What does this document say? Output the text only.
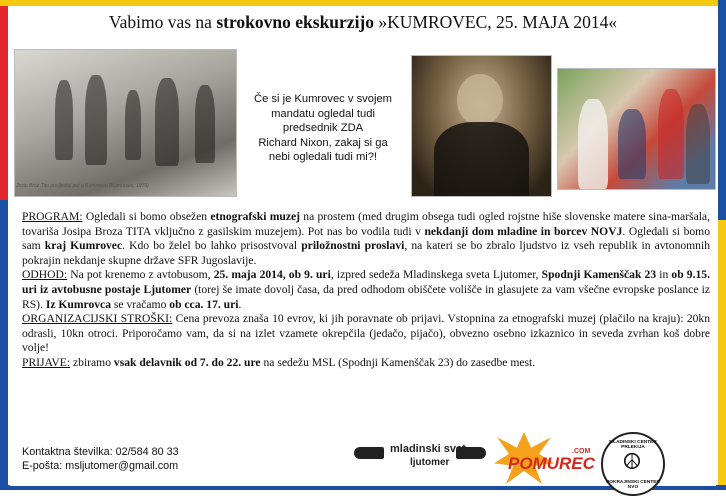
Vabimo vas na strokovno ekskurzijo »KUMROVEC, 25. MAJA 2014«
Josip Broz Tito posljednji put u Kumrovcu (Kumrovec, 1979)
Če si je Kumrovec v svojem
mandatu ogledal tudi
predsednik ZDA
Richard Nixon, zakaj si ga
nebi ogledali tudi mi?!

PROGRAM: Ogledali si bomo obsežen etnografski muzej na prostem (med drugim obsega tudi ogled rojstne hiše slovenske matere sina-maršala, tovariša Josipa Broza TITA vključno z gasilskim muzejem). Pot nas bo vodila tudi v nekdanji dom mladine in borcev NOVJ. Ogledali si bomo sam kraj Kumrovec. Kdo bo želel bo lahko prisostvoval priložnostni proslavi, na kateri se bo zbralo ljudstvo iz vseh republik in avtonomnih pokrajin nekdanje skupne države SFR Jugoslavije.

ODHOD: Na pot krenemo z avtobusom, 25. maja 2014, ob 9. uri, izpred sedeža Mladinskega sveta Ljutomer, Spodnji Kamenščak 23 in ob 9.15. uri iz avtobusne postaje Ljutomer (torej še imate dovolj časa, da pred odhodom obiščete volišče in glasujete za vam všečne evropske poslance iz RS). Iz Kumrovca se vračamo ob cca. 17. uri.

ORGANIZACIJSKI STROŠKI: Cena prevoza znaša 10 evrov, ki jih poravnate ob prijavi. Vstopnina za etnografski muzej (plačilo na kraju): 20kn odrasli, 10kn otroci. Priporočamo vam, da si na izlet vzamete okrepčila (jedačo, pijačo), obvezno osebno izkaznico in seveda zvrhan koš dobre volje!

PRIJAVE: zbiramo vsak delavnik od 7. do 22. ure na sedežu MSL (Spodnji Kamenščak 23) do zasedbe mest.

Kontaktna številka: 02/584 80 33
E-pošta: msljutomer@gmail.com
mladinski svet
ljutomer	POMUREC
.COM
MLADINSKI CENTER PRLEKIJA
☮
POKRAJINSKI CENTER NVO
